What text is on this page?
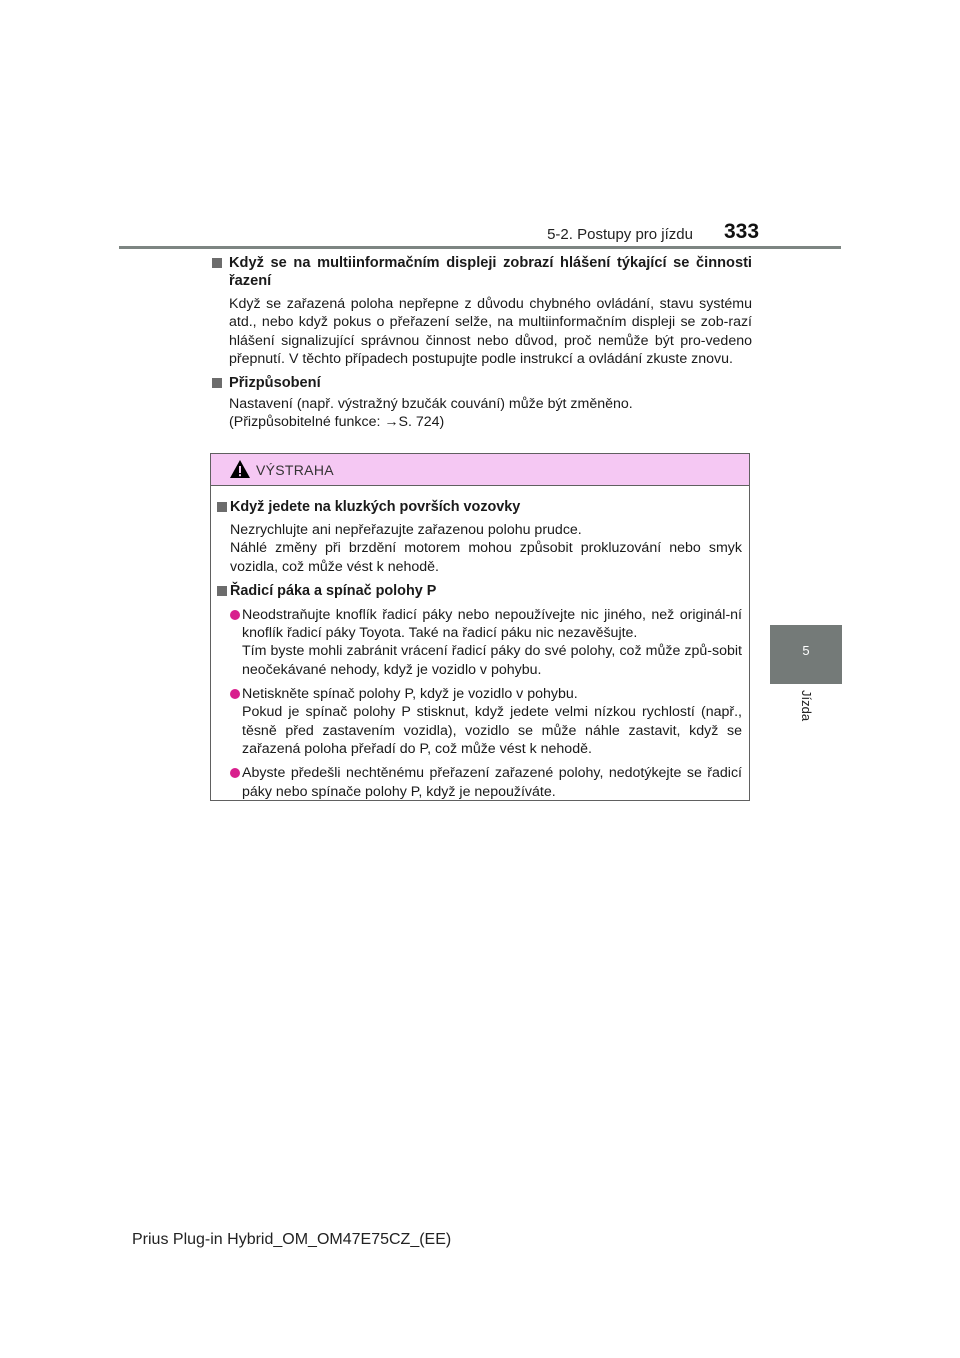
5-2. Postupy pro jízdu 333
5
Jízda
Když se na multiinformačním displeji zobrazí hlášení týkající se činnosti řazení
Když se zařazená poloha nepřepne z důvodu chybného ovládání, stavu systému atd., nebo když pokus o přeřazení selže, na multiinformačním displeji se zob-razí hlášení signalizující správnou činnost nebo důvod, proč nemůže být pro-vedeno přepnutí. V těchto případech postupujte podle instrukcí a ovládání zkuste znovu.
Přizpůsobení
Nastavení (např. výstražný bzučák couvání) může být změněno.
(Přizpůsobitelné funkce: →S. 724)
VÝSTRAHA
Když jedete na kluzkých površích vozovky
Nezrychlujte ani nepřeřazujte zařazenou polohu prudce.
Náhlé změny při brzdění motorem mohou způsobit prokluzování nebo smyk vozidla, což může vést k nehodě.
Řadicí páka a spínač polohy P
Neodstraňujte knoflík řadicí páky nebo nepoužívejte nic jiného, než originál-ní knoflík řadicí páky Toyota. Také na řadicí páku nic nezavěšujte.
Tím byste mohli zabránit vrácení řadicí páky do své polohy, což může způ-sobit neočekávané nehody, když je vozidlo v pohybu.
Netiskněte spínač polohy P, když je vozidlo v pohybu.
Pokud je spínač polohy P stisknut, když jedete velmi nízkou rychlostí (např., těsně před zastavením vozidla), vozidlo se může náhle zastavit, když se zařazená poloha přeřadí do P, což může vést k nehodě.
Abyste předešli nechtěnému přeřazení zařazené polohy, nedotýkejte se řadicí páky nebo spínače polohy P, když je nepoužíváte.
Prius Plug-in Hybrid_OM_OM47E75CZ_(EE)
